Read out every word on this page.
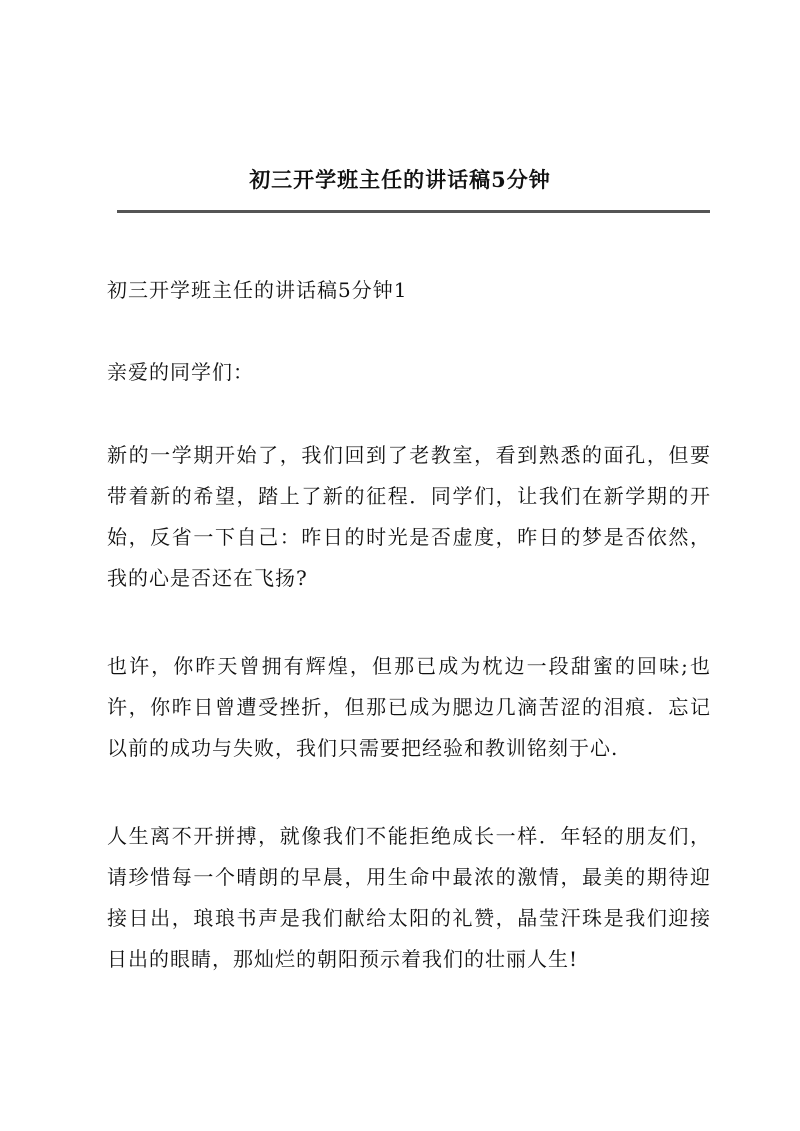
初三开学班主任的讲话稿5分钟
初三开学班主任的讲话稿5分钟1
亲爱的同学们：

新的一学期开始了，我们回到了老教室，看到熟悉的面孔，但要带着新的希望，踏上了新的征程．同学们，让我们在新学期的开始，反省一下自己：昨日的时光是否虚度，昨日的梦是否依然，我的心是否还在飞扬?

也许，你昨天曾拥有辉煌，但那已成为枕边一段甜蜜的回味;也许，你昨日曾遭受挫折，但那已成为腮边几滴苦涩的泪痕．忘记以前的成功与失败，我们只需要把经验和教训铭刻于心.

人生离不开拼搏，就像我们不能拒绝成长一样．年轻的朋友们，请珍惜每一个晴朗的早晨，用生命中最浓的激情，最美的期待迎接日出，琅琅书声是我们献给太阳的礼赞，晶莹汗珠是我们迎接日出的眼睛，那灿烂的朝阳预示着我们的壮丽人生!
